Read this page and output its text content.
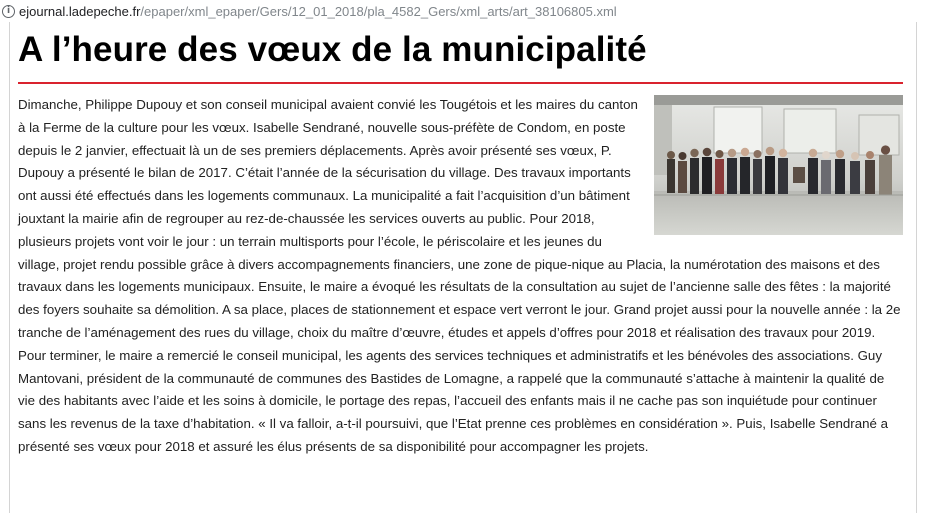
i ejournal.ladepeche.fr /epaper/xml_epaper/Gers/12_01_2018/pla_4582_Gers/xml_arts/art_38106805.xml
A l’heure des vœux de la municipalité

Dimanche, Philippe Dupouy et son conseil municipal avaient convié les Tougétois et les maires du canton à la Ferme de la culture pour les vœux. Isabelle Sendrané, nouvelle sous-préfète de Condom, en poste depuis le 2 janvier, effectuait là un de ses premiers déplacements. Après avoir présenté ses vœux, P. Dupouy a présenté le bilan de 2017. C’était l’année de la sécurisation du village. Des travaux importants ont aussi été effectués dans les logements communaux. La municipalité a fait l’acquisition d’un bâtiment jouxtant la mairie afin de regrouper au rez-de-chaussée les services ouverts au public. Pour 2018, plusieurs projets vont voir le jour : un terrain multisports pour l’école, le périscolaire et les jeunes du village, projet rendu possible grâce à divers accompagnements financiers, une zone de pique-nique au Placia, la numérotation des maisons et des travaux dans les logements municipaux. Ensuite, le maire a évoqué les résultats de la consultation au sujet de l’ancienne salle des fêtes : la majorité des foyers souhaite sa démolition. A sa place, places de stationnement et espace vert verront le jour. Grand projet aussi pour la nouvelle année : la 2e tranche de l’aménagement des rues du village, choix du maître d’œuvre, études et appels d’offres pour 2018 et réalisation des travaux pour 2019. Pour terminer, le maire a remercié le conseil municipal, les agents des services techniques et administratifs et les bénévoles des associations. Guy Mantovani, président de la communauté de communes des Bastides de Lomagne, a rappelé que la communauté s’attache à maintenir la qualité de vie des habitants avec l’aide et les soins à domicile, le portage des repas, l’accueil des enfants mais il ne cache pas son inquiétude pour continuer sans les revenus de la taxe d’habitation. « Il va falloir, a-t-il poursuivi, que l’Etat prenne ces problèmes en considération ». Puis, Isabelle Sendrané a présenté ses vœux pour 2018 et assuré les élus présents de sa disponibilité pour accompagner les projets.
